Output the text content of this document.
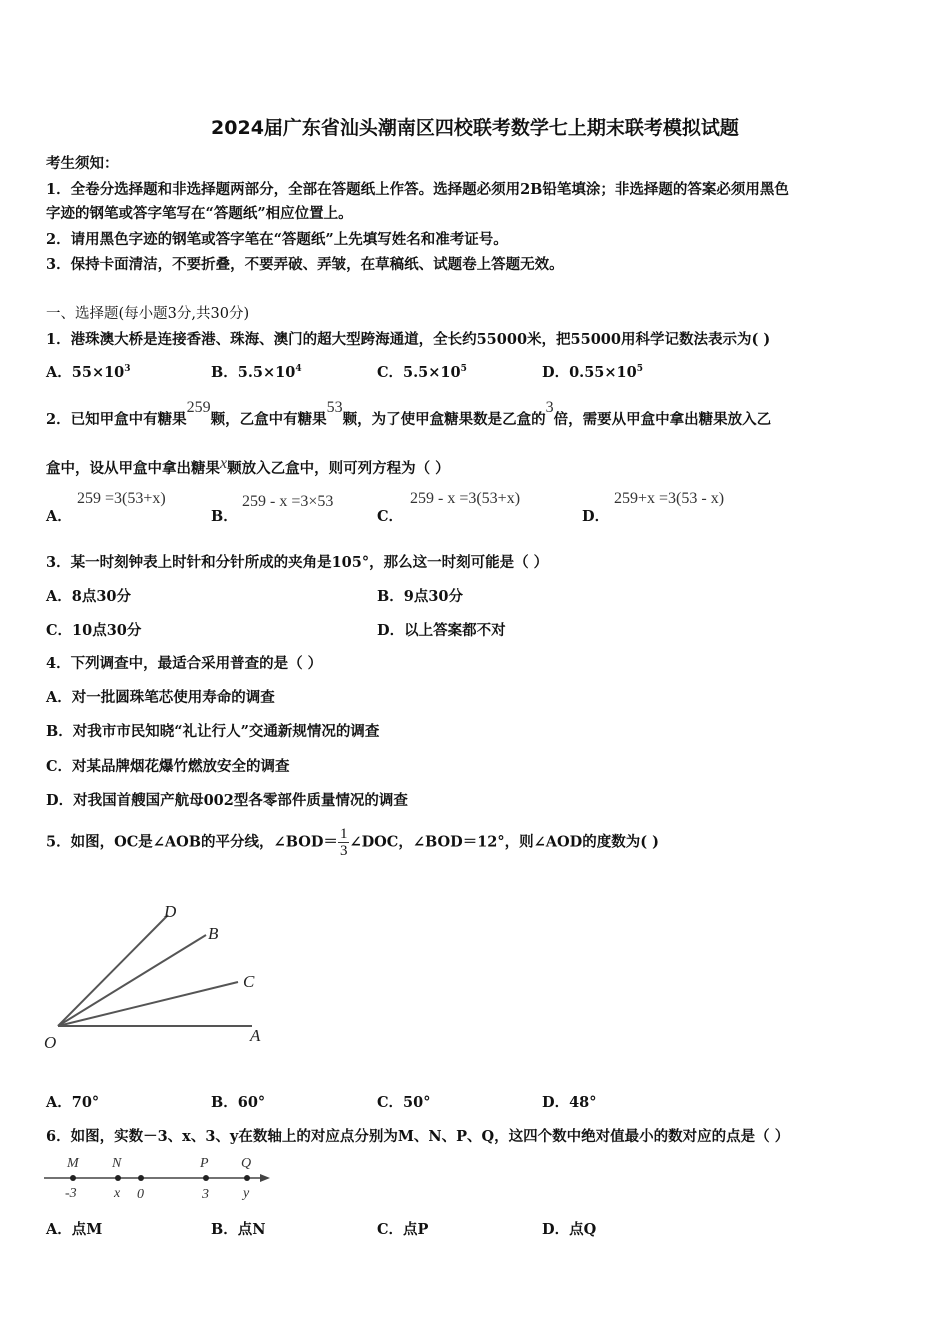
2024届广东省汕头潮南区四校联考数学七上期末联考模拟试题
考生须知：
1．全卷分选择题和非选择题两部分，全部在答题纸上作答。选择题必须用2B铅笔填涂；非选择题的答案必须用黑色
字迹的钢笔或答字笔写在“答题纸”相应位置上。
2．请用黑色字迹的钢笔或答字笔在“答题纸”上先填写姓名和准考证号。
3．保持卡面清洁，不要折叠，不要弄破、弄皱，在草稿纸、试题卷上答题无效。
一、选择题(每小题3分,共30分)
1．港珠澳大桥是连接香港、珠海、澳门的超大型跨海通道，全长约55000米，把55000用科学记数法表示为( )
A．$55\times 10^3$	B．$5.5\times 10^4$	C．$5.5\times 10^5$	D．$0.55\times 10^5$
2．已知甲盒中有糖果259颗，乙盒中有糖果53颗，为了使甲盒糖果数是乙盒的3倍，需要从甲盒中拿出糖果放入乙
盒中，设从甲盒中拿出糖果x颗放入乙盒中，则可列方程为（ ）
A．
259 =3(53+x)
B．
259 - x =3×53
C．
259 - x =3(53+x)
D．
259+x =3(53 - x)
3．某一时刻钟表上时针和分针所成的夹角是105°，那么这一时刻可能是（ ）
A．8点30分	B．9点30分
C．10点30分	D．以上答案都不对
4．下列调查中，最适合采用普查的是（ ）
A．对一批圆珠笔芯使用寿命的调查
B．对我市市民知晓“礼让行人”交通新规情况的调查
C．对某品牌烟花爆竹燃放安全的调查
D．对我国首艘国产航母002型各零部件质量情况的调查
5．如图，OC是∠AOB的平分线，∠BOD＝ $\frac{1}{3}$ ∠DOC，∠BOD＝12°，则∠AOD的度数为( )
D
B
C
A
O
A．70°	B．60°	C．50°	D．48°
6．如图，实数－3、x、3、y在数轴上的对应点分别为M、N、P、Q，这四个数中绝对值最小的数对应的点是（ ）
M N	P Q
-3	x 0	3 y
A．点M	B．点N	C．点P	D．点Q
